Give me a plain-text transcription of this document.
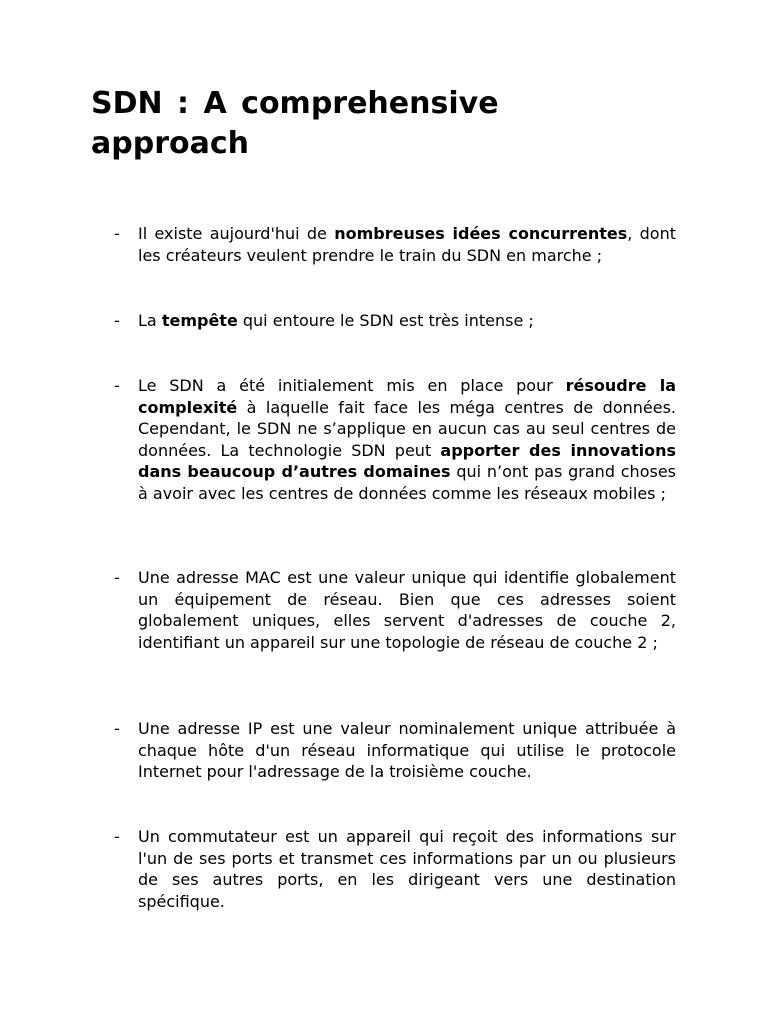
SDN : A comprehensive
approach
-	Il existe aujourd'hui de nombreuses idées concurrentes, dont les créateurs veulent prendre le train du SDN en marche ;

-	La tempête qui entoure le SDN est très intense ;

-	Le SDN a été initialement mis en place pour résoudre la complexité à laquelle fait face les méga centres de données. Cependant, le SDN ne s’applique en aucun cas au seul centres de données. La technologie SDN peut apporter des innovations dans beaucoup d’autres domaines qui n’ont pas grand choses à avoir avec les centres de données comme les réseaux mobiles ;

-	Une adresse MAC est une valeur unique qui identifie globalement un équipement de réseau. Bien que ces adresses soient globalement uniques, elles servent d'adresses de couche 2, identifiant un appareil sur une topologie de réseau de couche 2 ;

-	Une adresse IP est une valeur nominalement unique attribuée à chaque hôte d'un réseau informatique qui utilise le protocole Internet pour l'adressage de la troisième couche.

-	Un commutateur est un appareil qui reçoit des informations sur l'un de ses ports et transmet ces informations par un ou plusieurs de ses autres ports, en les dirigeant vers une destination spécifique.
